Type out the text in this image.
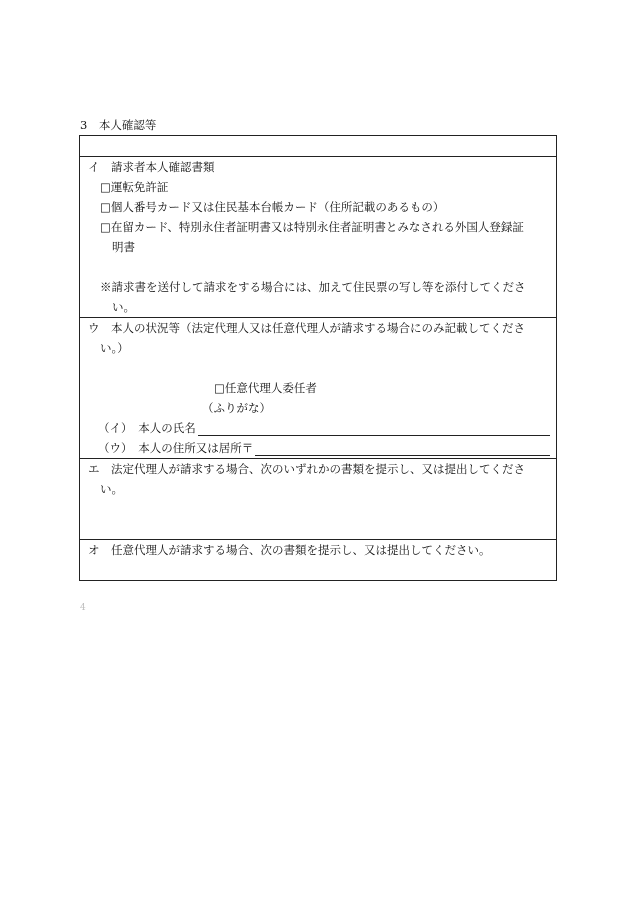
3　本人確認等

イ　請求者本人確認書類
□運転免許証
□個人番号カード又は住民基本台帳カード（住所記載のあるもの）
□在留カード、特別永住者証明書又は特別永住者証明書とみなされる外国人登録証
明書

※請求書を送付して請求をする場合には、加えて住民票の写し等を添付してくださ
い。
ウ　本人の状況等（法定代理人又は任意代理人が請求する場合にのみ記載してくださ
い。）

□任意代理人委任者
（ふりがな）
（イ）　本人の氏名
（ウ）　本人の住所又は居所〒
エ　法定代理人が請求する場合、次のいずれかの書類を提示し、又は提出してくださ
い。

オ　任意代理人が請求する場合、次の書類を提示し、又は提出してください。

4
